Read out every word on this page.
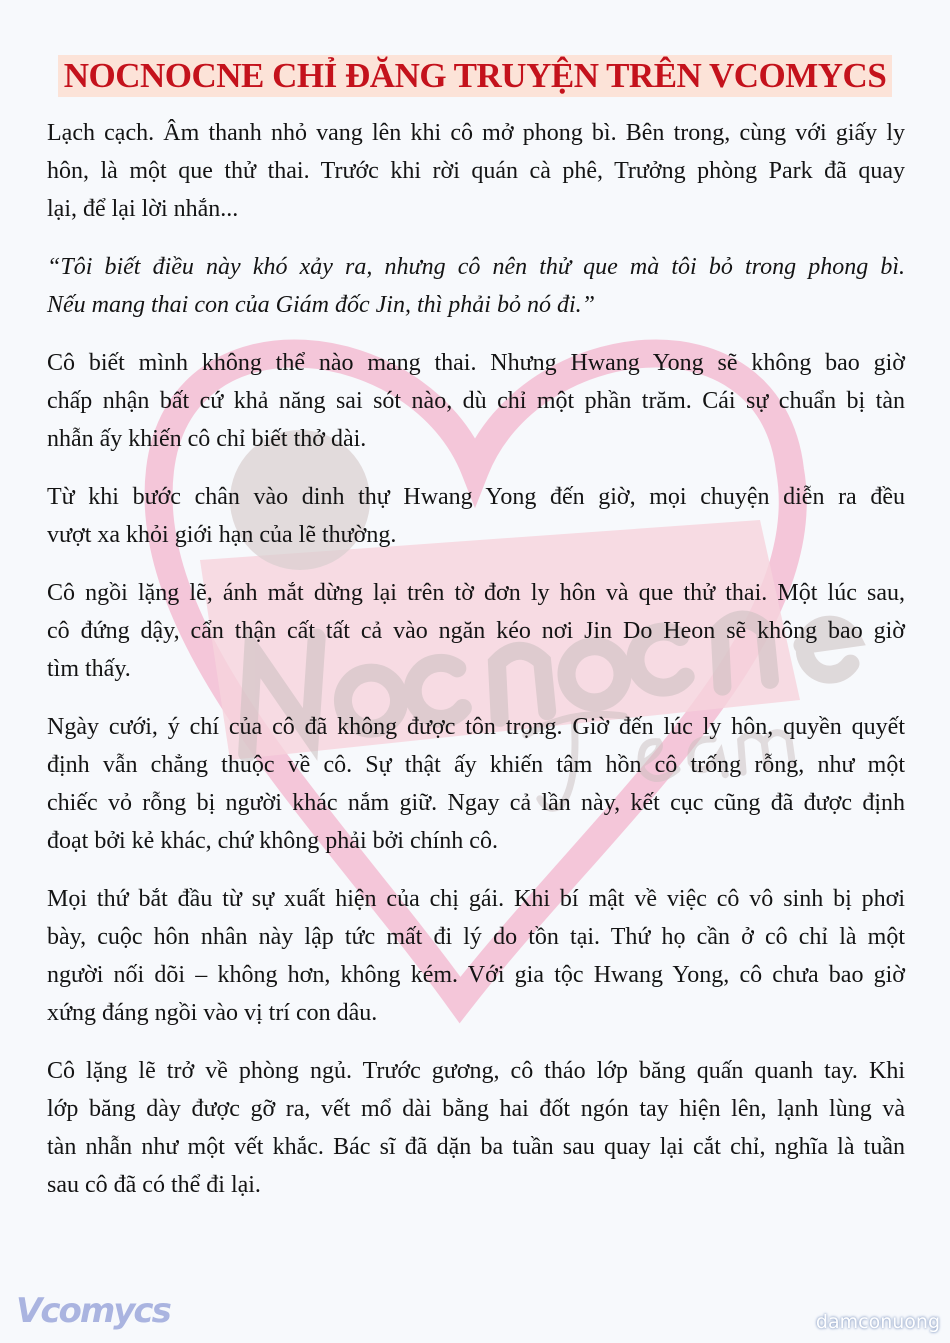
NOCNOCNE CHỈ ĐĂNG TRUYỆN TRÊN VCOMYCS
Lạch cạch. Âm thanh nhỏ vang lên khi cô mở phong bì. Bên trong, cùng với giấy ly
hôn, là một que thử thai. Trước khi rời quán cà phê, Trưởng phòng Park đã quay
lại, để lại lời nhắn...
“Tôi biết điều này khó xảy ra, nhưng cô nên thử que mà tôi bỏ trong phong bì.
Nếu mang thai con của Giám đốc Jin, thì phải bỏ nó đi.”
Cô biết mình không thể nào mang thai. Nhưng Hwang Yong sẽ không bao giờ
chấp nhận bất cứ khả năng sai sót nào, dù chỉ một phần trăm. Cái sự chuẩn bị tàn
nhẫn ấy khiến cô chỉ biết thở dài.
Từ khi bước chân vào dinh thự Hwang Yong đến giờ, mọi chuyện diễn ra đều
vượt xa khỏi giới hạn của lẽ thường.
Cô ngồi lặng lẽ, ánh mắt dừng lại trên tờ đơn ly hôn và que thử thai. Một lúc sau,
cô đứng dậy, cẩn thận cất tất cả vào ngăn kéo nơi Jin Do Heon sẽ không bao giờ
tìm thấy.
Ngày cưới, ý chí của cô đã không được tôn trọng. Giờ đến lúc ly hôn, quyền quyết
định vẫn chẳng thuộc về cô. Sự thật ấy khiến tâm hồn cô trống rỗng, như một
chiếc vỏ rỗng bị người khác nắm giữ. Ngay cả lần này, kết cục cũng đã được định
đoạt bởi kẻ khác, chứ không phải bởi chính cô.
Mọi thứ bắt đầu từ sự xuất hiện của chị gái. Khi bí mật về việc cô vô sinh bị phơi
bày, cuộc hôn nhân này lập tức mất đi lý do tồn tại. Thứ họ cần ở cô chỉ là một
người nối dõi – không hơn, không kém. Với gia tộc Hwang Yong, cô chưa bao giờ
xứng đáng ngồi vào vị trí con dâu.
Cô lặng lẽ trở về phòng ngủ. Trước gương, cô tháo lớp băng quấn quanh tay. Khi
lớp băng dày được gỡ ra, vết mổ dài bằng hai đốt ngón tay hiện lên, lạnh lùng và
tàn nhẫn như một vết khắc. Bác sĩ đã dặn ba tuần sau quay lại cắt chỉ, nghĩa là tuần
sau cô đã có thể đi lại.
Vcomycs	damconuong
